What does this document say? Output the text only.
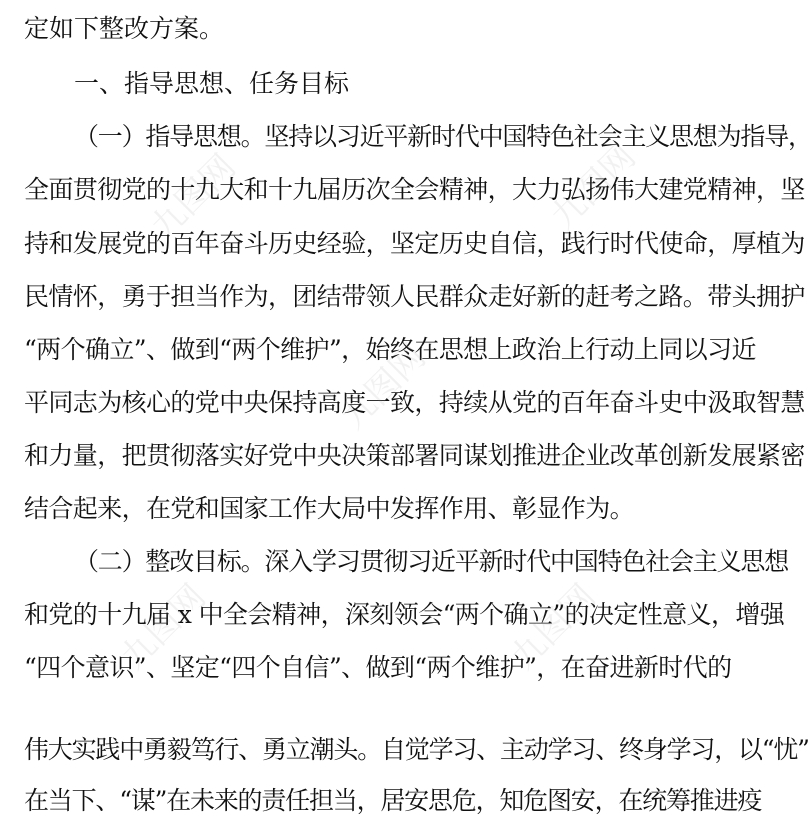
定如下整改方案。
一、指导思想、任务目标
（一）指导思想。坚持以习近平新时代中国特色社会主义思想为指导，
全面贯彻党的十九大和十九届历次全会精神，大力弘扬伟大建党精神，坚
持和发展党的百年奋斗历史经验，坚定历史自信，践行时代使命，厚植为
民情怀，勇于担当作为，团结带领人民群众走好新的赶考之路。带头拥护
“两个确立”、做到“两个维护”，始终在思想上政治上行动上同以习近
平同志为核心的党中央保持高度一致，持续从党的百年奋斗史中汲取智慧
和力量，把贯彻落实好党中央决策部署同谋划推进企业改革创新发展紧密
结合起来，在党和国家工作大局中发挥作用、彰显作为。
（二）整改目标。深入学习贯彻习近平新时代中国特色社会主义思想
和党的十九届 x 中全会精神，深刻领会“两个确立”的决定性意义，增强
“四个意识”、坚定“四个自信”、做到“两个维护”，在奋进新时代的
伟大实践中勇毅笃行、勇立潮头。自觉学习、主动学习、终身学习，以“忧”
在当下、“谋”在未来的责任担当，居安思危，知危图安，在统筹推进疫
九图网	九图网
九图网
九图网	九图网
